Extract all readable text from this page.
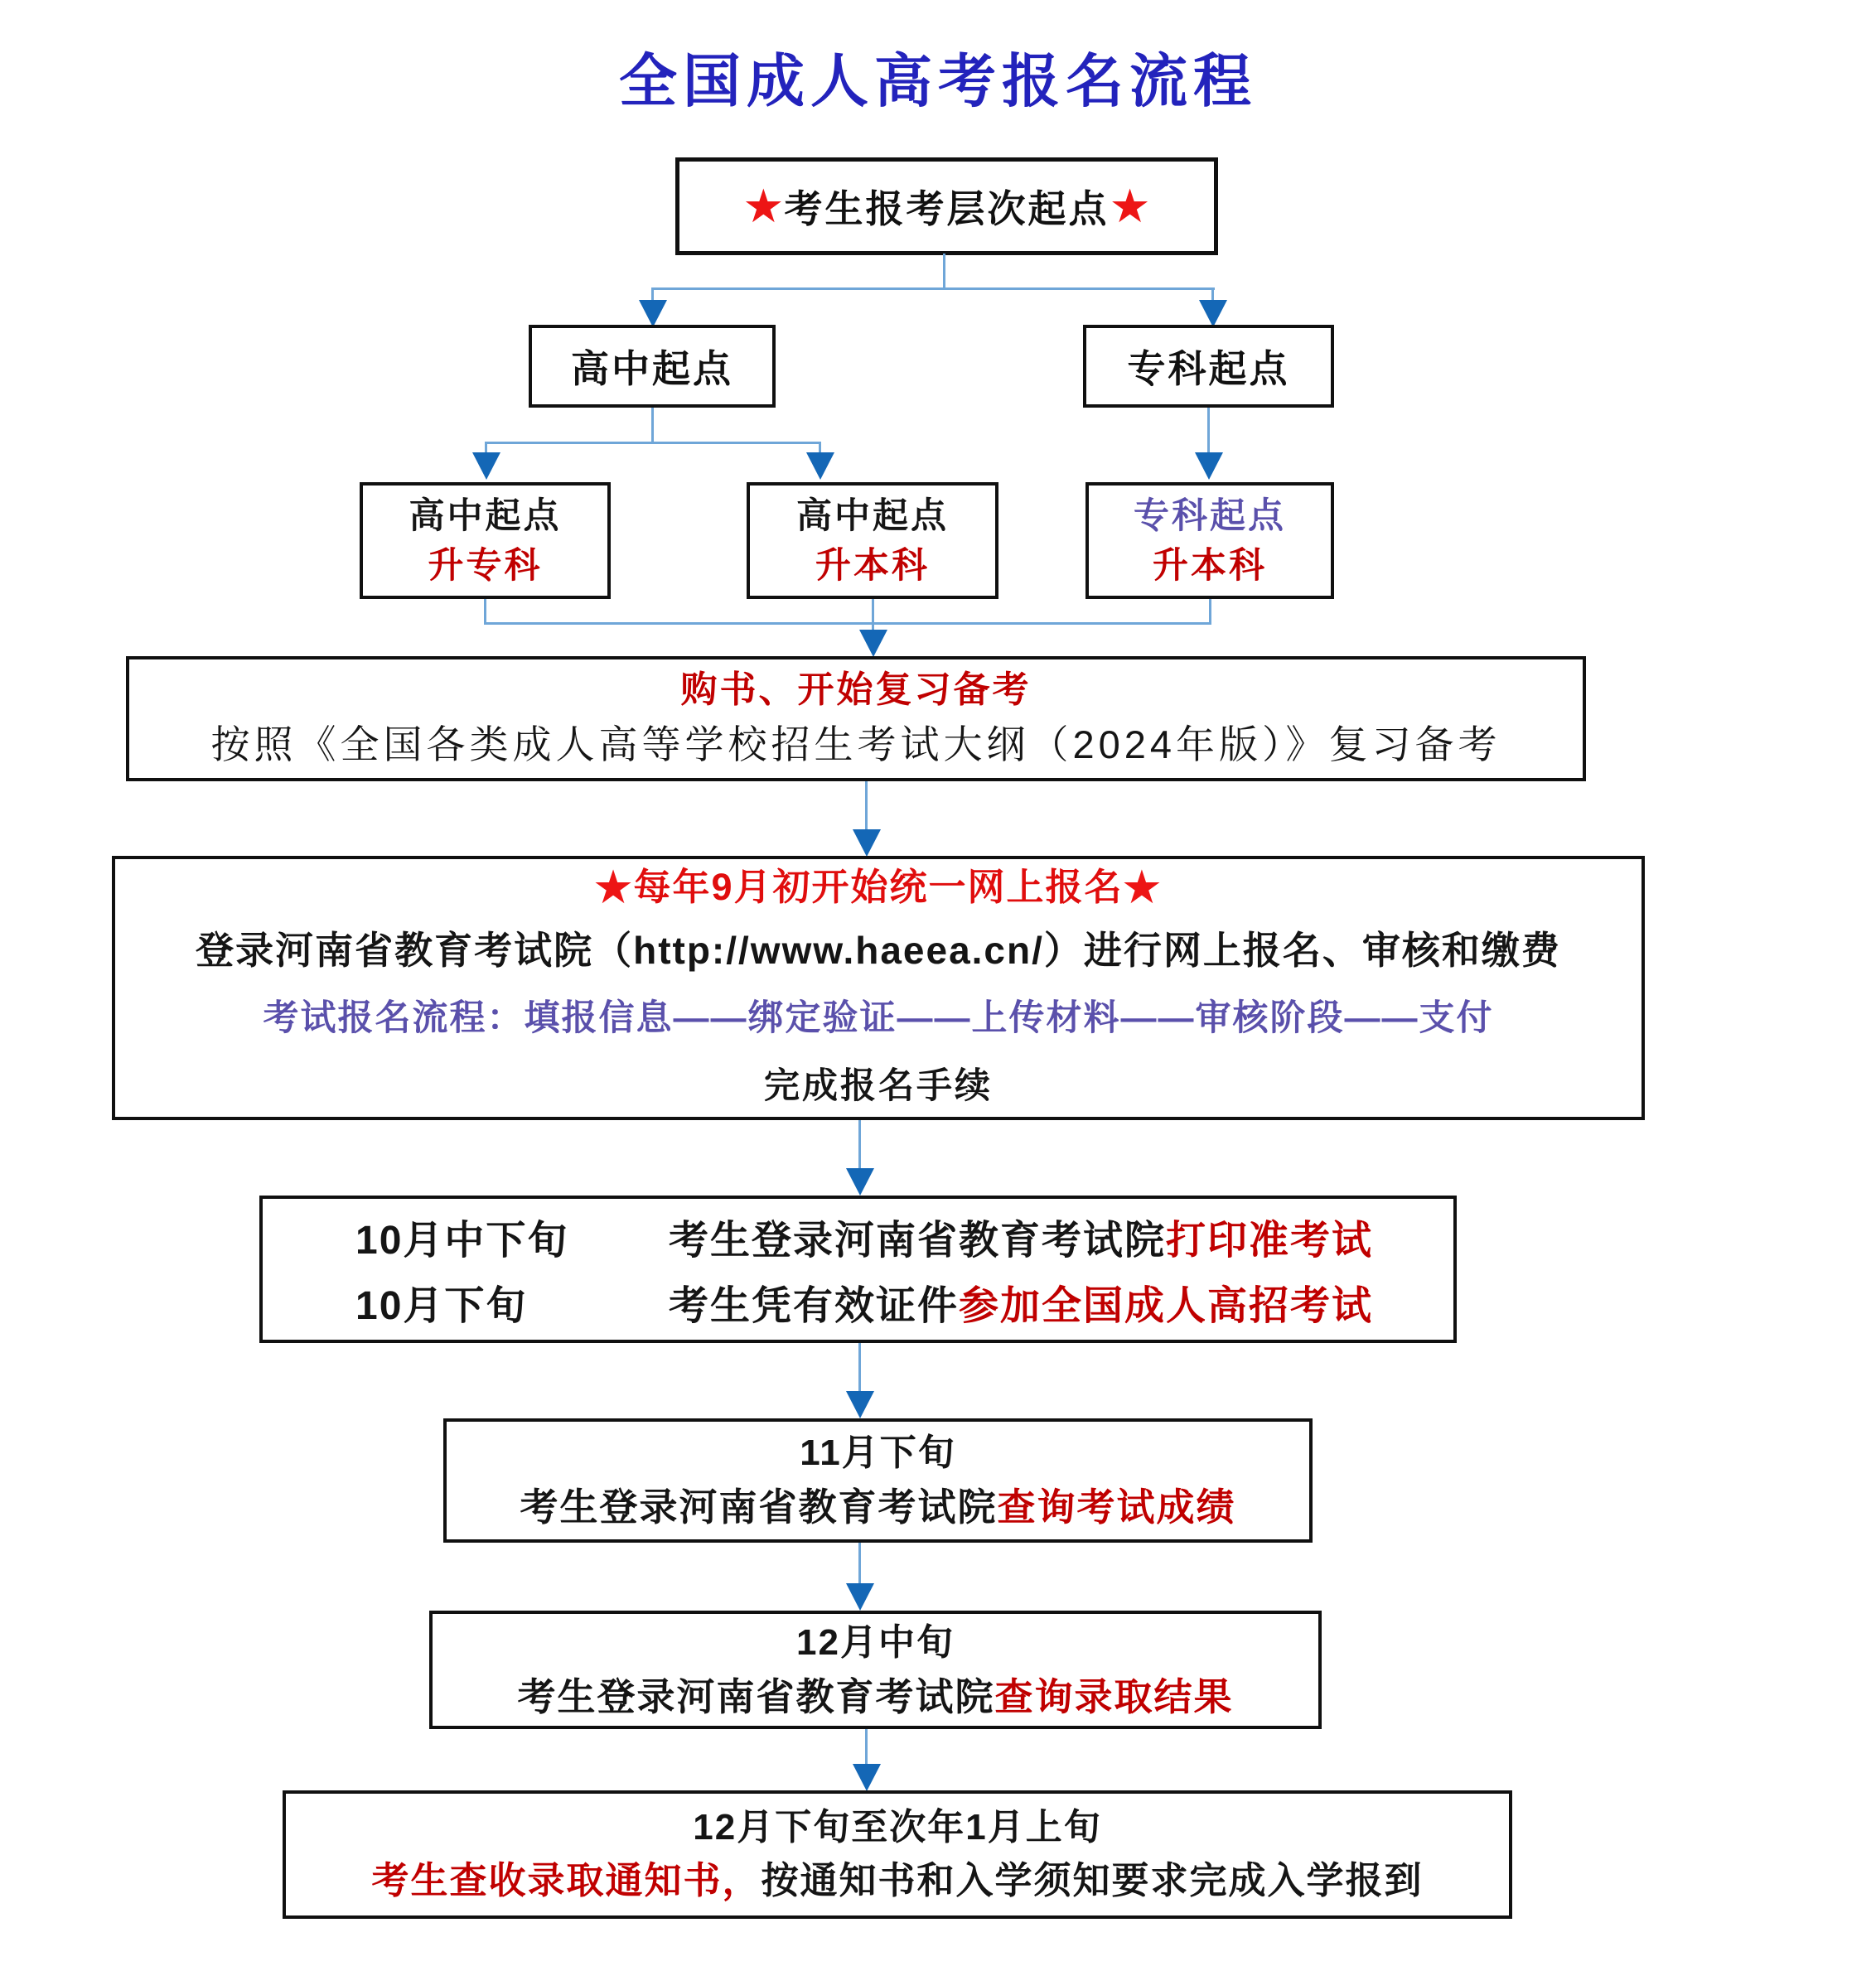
全国成人高考报名流程
★ 考生报考层次起点 ★
高中起点	专科起点
高中起点
升专科
高中起点
升本科
专科起点
升本科
购书、开始复习备考
按照《全国各类成人高等学校招生考试大纲（2024年版）》复习备考
★ 每年9月初开始统一网上报名 ★
登录河南省教育考试院（http://www.haeea.cn/）进行网上报名、审核和缴费
考试报名流程：填报信息——绑定验证——上传材料——审核阶段——支付
完成报名手续
10月中下旬	考生登录河南省教育考试院打印准考试
10月下旬	考生凭有效证件参加全国成人高招考试
11月下旬
考生登录河南省教育考试院查询考试成绩
12月中旬
考生登录河南省教育考试院查询录取结果
12月下旬至次年1月上旬
考生查收录取通知书，按通知书和入学须知要求完成入学报到
